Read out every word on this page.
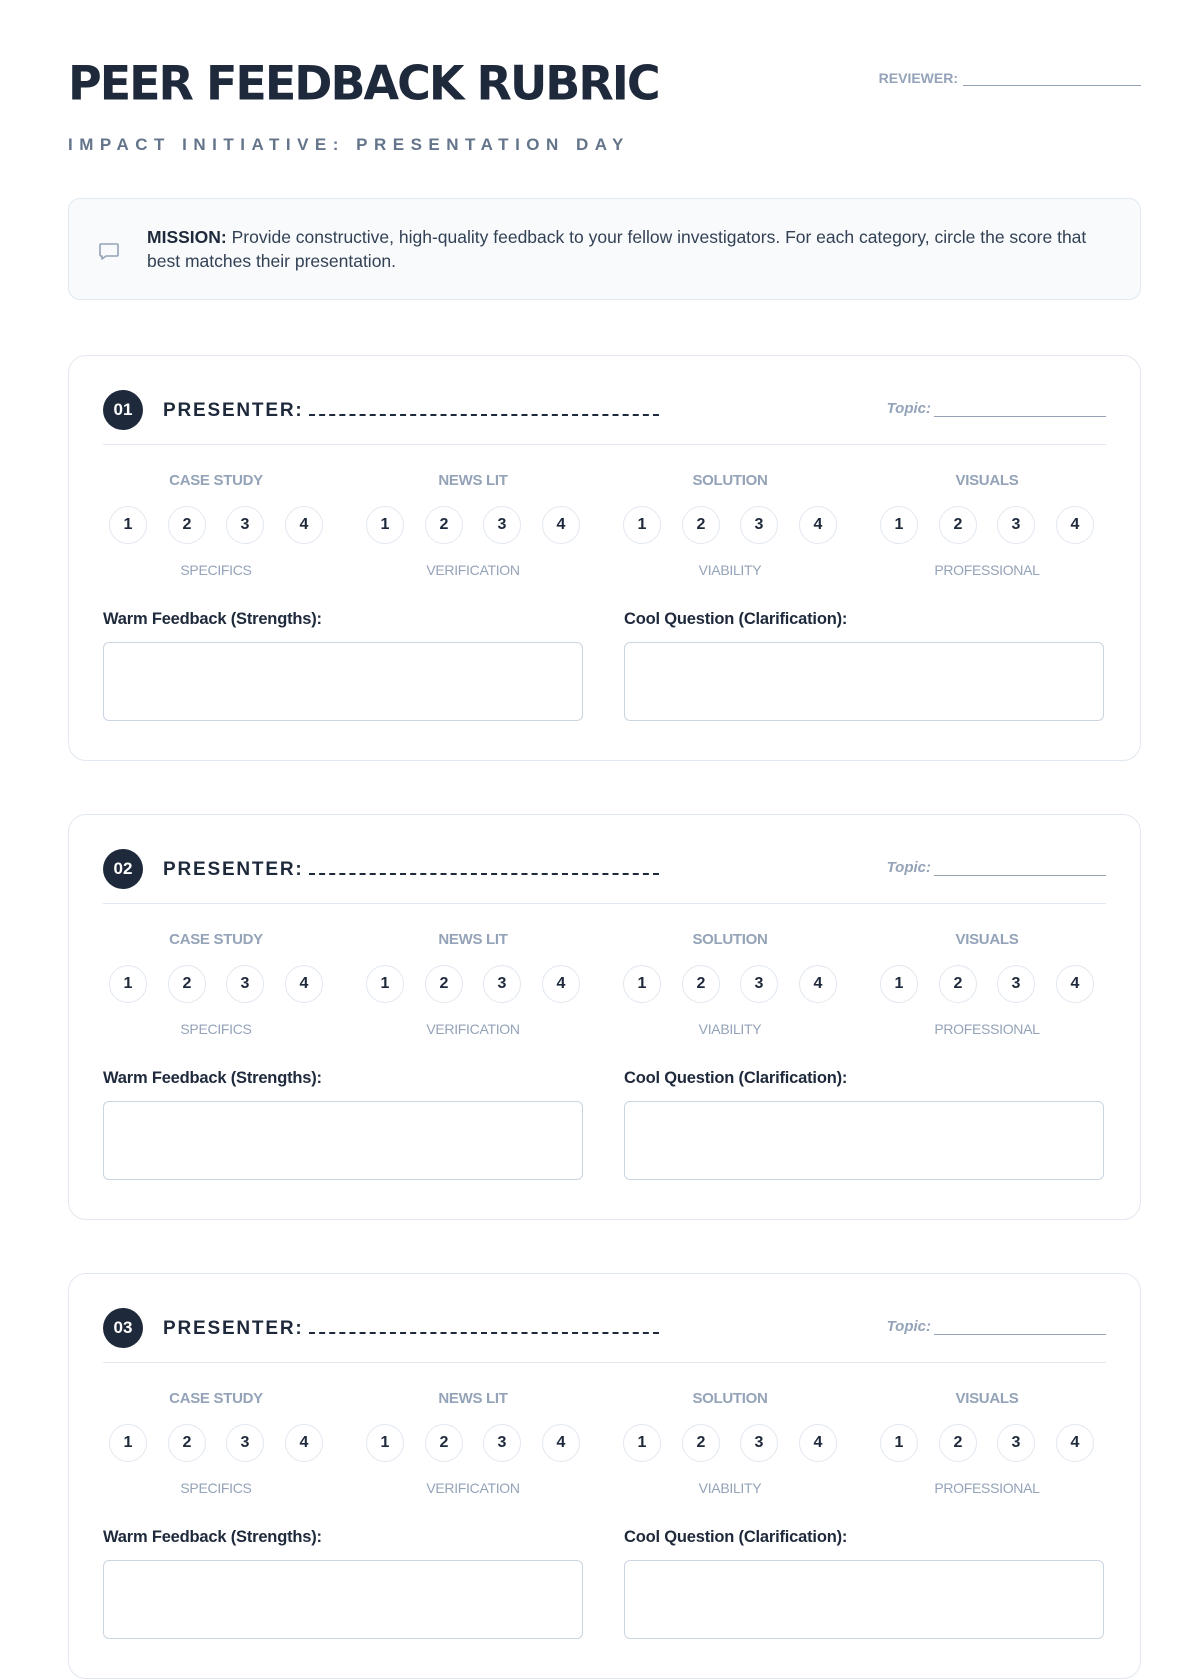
PEER FEEDBACK RUBRIC
IMPACT INITIATIVE: PRESENTATION DAY
REVIEWER:
MISSION: Provide constructive, high-quality feedback to your fellow investigators. For each category, circle the score that best matches their presentation.
01	PRESENTER:	Topic:
CASE STUDY
1	2	3	4
SPECIFICS
NEWS LIT
1	2	3	4
VERIFICATION
SOLUTION
1	2	3	4
VIABILITY
VISUALS
1	2	3	4
PROFESSIONAL
Warm Feedback (Strengths):	Cool Question (Clarification):
02	PRESENTER:	Topic:
CASE STUDY
1	2	3	4
SPECIFICS
NEWS LIT
1	2	3	4
VERIFICATION
SOLUTION
1	2	3	4
VIABILITY
VISUALS
1	2	3	4
PROFESSIONAL
Warm Feedback (Strengths):	Cool Question (Clarification):
03	PRESENTER:	Topic:
CASE STUDY
1	2	3	4
SPECIFICS
NEWS LIT
1	2	3	4
VERIFICATION
SOLUTION
1	2	3	4
VIABILITY
VISUALS
1	2	3	4
PROFESSIONAL
Warm Feedback (Strengths):	Cool Question (Clarification):
